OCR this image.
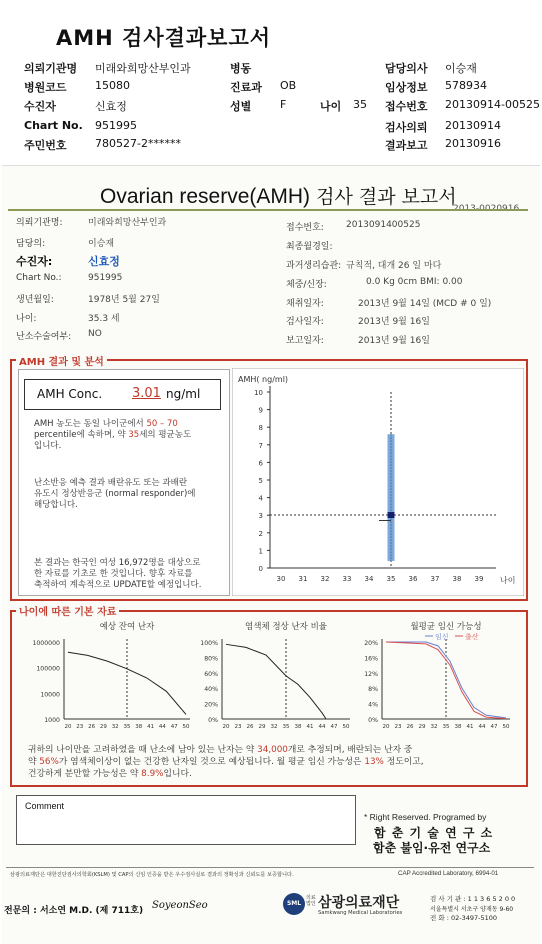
AMH 검사결과보고서
의뢰기관명 미래와희망산부인과	병동	담당의사 이승재
병원코드	15080	진료과 OB	임상정보 578934
수진자	신효정	성별	F	나이 35 접수번호 20130914-00525
Chart No. 951995	검사의뢰 20130914
주민번호	780527-2******	결과보고 20130916
Ovarian reserve(AMH) 검사 결과 보고서
의뢰기관명:	미래와희망산부인과
담당의:	이승재
수진자:	신효정
Chart No.:	951995
생년월일:	1978년 5월 27일
나이:	35.3 세
난소수술여부: NO
접수번호: 2013091400525
최종월경일:
과거생리습관: 규칙적, 대개 26 일 마다
체중/신장:	0.0 Kg 0cm BMI: 0.00
채취일자:	2013년 9월 14일 (MCD # 0 일)
검사일자:	2013년 9월 16일
보고일자:	2013년 9월 16일
AMH 결과 및 분석
AMH Conc. 3.01 ng/ml
AMH 농도는 동일 나이군에서 50 – 70
percentile에 속하며, 약 35세의 평균농도
입니다.
난소반응 예측 결과 배란유도 또는 과배란
유도시 정상반응군 (normal responder)에
해당합니다.
본 결과는 한국인 여성 16,972명을 대상으로
한 자료를 기초로 한 것입니다. 향후 자료를
축적하여 계속적으로 UPDATE할 예정입니다.
AMH( ng/ml)
0
1
2
3
4
5
6
7
8
9
10
30 31 32 33 34 35 36 37 38 39 나이
나이에 따른 기본 자료
예상 잔여 난자
1000000
100000
10000
1000
20 23 26 29 32 35 38 41 44 47 50
염색체 정상 난자 비율
100%
80%
60%
40%
20%
0%
20 23 26 29 32 35 38 41 44 47 50
월평균 임신 가능성
20%
16%
12%
8%
4%
0%
20 23 26 29 32 35 38 41 44 47 50
임신 출산
귀하의 나이만을 고려하였을 때 난소에 남아 있는 난자는 약 34,000개로 추정되며, 배란되는 난자 중
약 56%가 염색체이상이 없는 건강한 난자일 것으로 예상됩니다. 월 평균 임신 가능성은 13% 정도이고,
건강하게 분만할 가능성은 약 8.9%입니다.
Comment
* Right Reserved. Programed by
함 춘 기 술 연 구 소
함춘 불임·유전 연구소
삼광의료재단은 대한진단검사의학회(KSLM) 및 CAP의 신임 인증을 받은 우수검사실로 결과의 정확성과 신뢰도를 보증합니다.	CAP Accredited Laboratory, 6994-01
전문의 : 서소연 M.D. (제 711호) SoyeonSeo	SML
의료법인 삼광의료재단
Samkwang Medical Laboratories
검 사 기 관 : 1 1 3 6 5 2 0 0
서울특별시 서초구 양재동 9-60
전 화 : 02-3497-5100
